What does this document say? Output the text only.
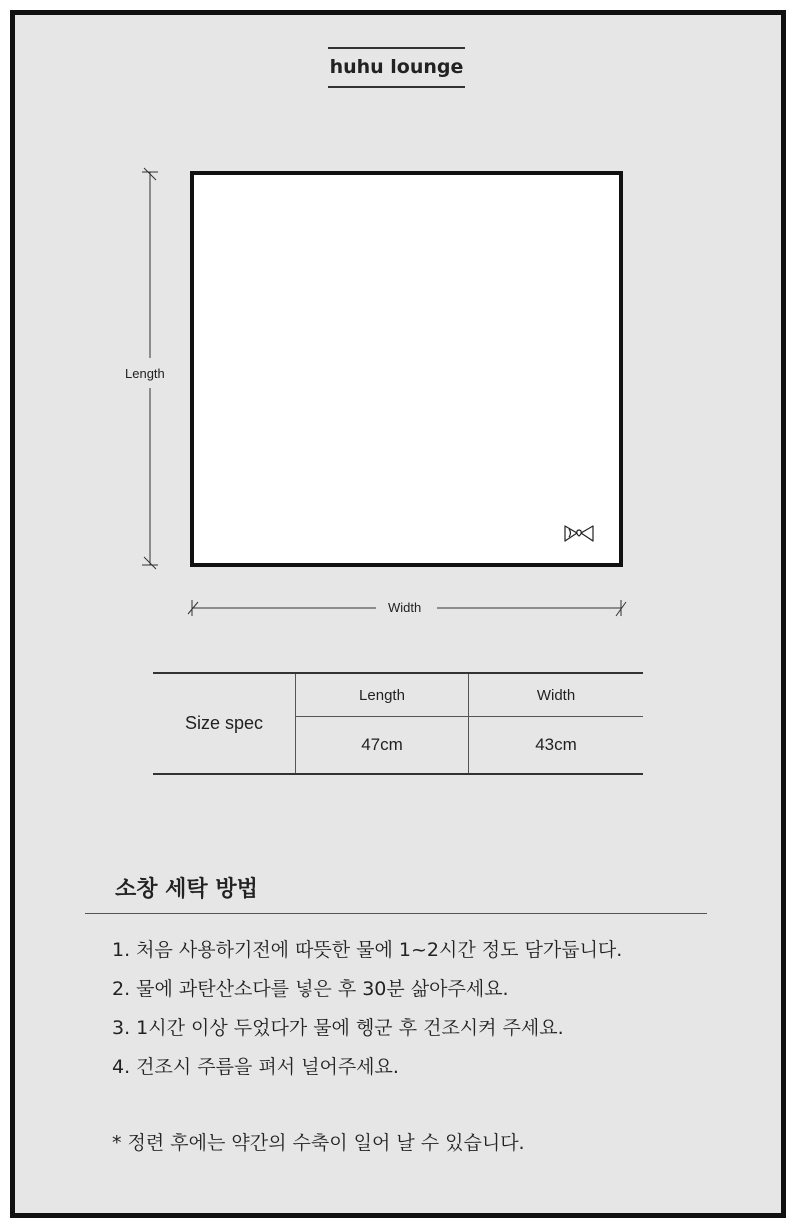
huhu lounge
Length
Width
Size spec	Length	Width
	47cm	43cm
소창 세탁 방법
1. 처음 사용하기전에 따뜻한 물에 1~2시간 정도 담가둡니다.
2. 물에 과탄산소다를 넣은 후 30분 삶아주세요.
3. 1시간 이상 두었다가 물에 헹군 후 건조시켜 주세요.
4. 건조시 주름을 펴서 널어주세요.
* 정련 후에는 약간의 수축이 일어 날 수 있습니다.
